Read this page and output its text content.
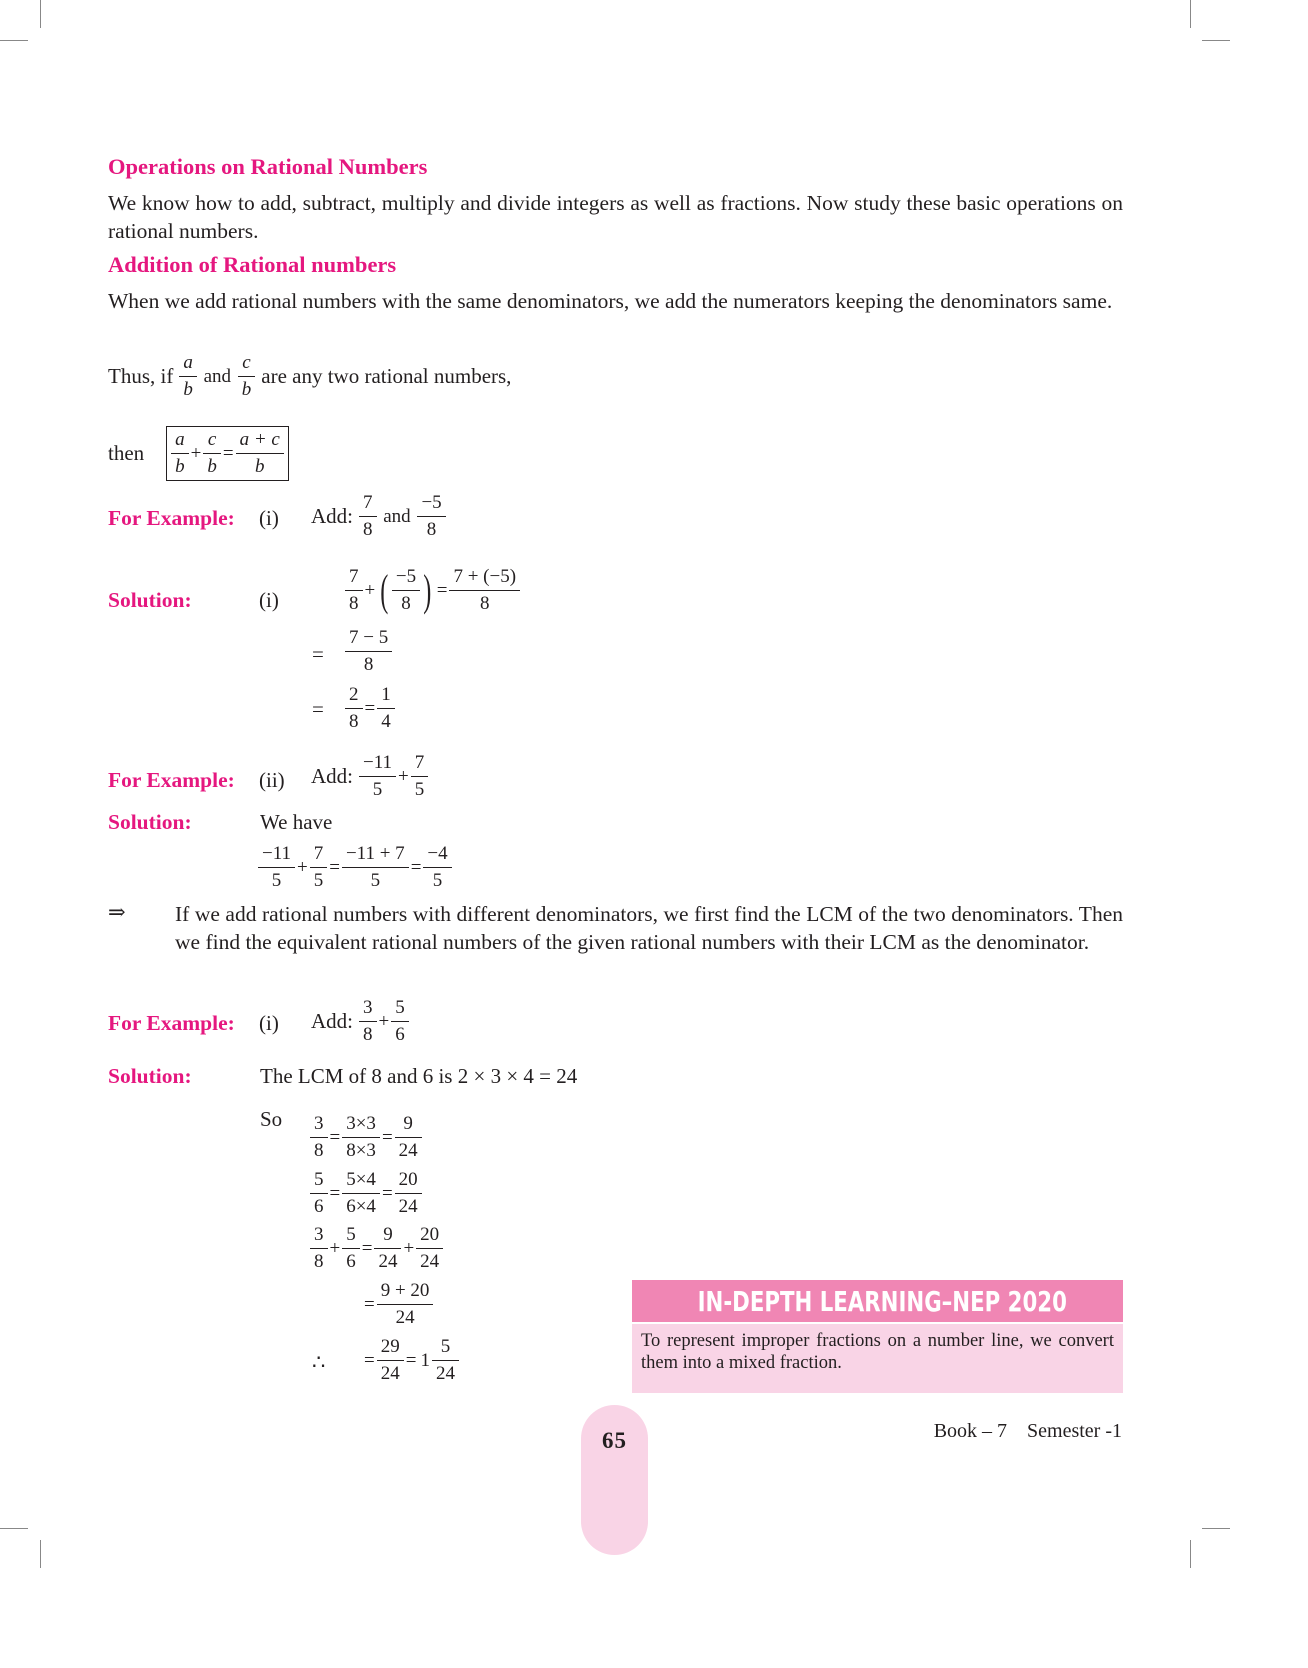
Operations on Rational Numbers
We know how to add, subtract, multiply and divide integers as well as fractions. Now study these basic operations on rational numbers.
Addition of Rational numbers
When we add rational numbers with the same denominators, we add the numerators keeping the denominators same.
Thus, if $\frac{a}{b}$ and $\frac{c}{b}$ are any two rational numbers,
then $\frac{a}{b} + \frac{c}{b} = \frac{a + c}{b}$
For Example: (i) Add: $\frac{7}{8}$ and $\frac{-5}{8}$
Solution:	(i)	$\frac{7}{8}$ + ( $\frac{-5}{8}$ ) = $\frac{7 + (-5)}{8}$
= $\frac{7 - 5}{8}$
= $\frac{2}{8} = \frac{1}{4}$
For Example: (ii) Add: $\frac{-11}{5} + \frac{7}{5}$
Solution:	We have
$\frac{-11}{5} + \frac{7}{5} = \frac{-11 + 7}{5} = \frac{-4}{5}$
⇒ If we add rational numbers with different denominators, we first find the LCM of the two denominators. Then we find the equivalent rational numbers of the given rational numbers with their LCM as the denominator.
For Example: (i) Add: $\frac{3}{8} + \frac{5}{6}$
Solution:	The LCM of 8 and 6 is 2 × 3 × 4 = 24
So $\frac{3}{8} = \frac{3\times 3}{8\times 3} = \frac{9}{24}$
$\frac{5}{6} = \frac{5\times 4}{6\times 4} = \frac{20}{24}$
$\frac{3}{8} + \frac{5}{6} = \frac{9}{24} + \frac{20}{24}$
= $\frac{9 + 20}{24}$
∴ = $\frac{29}{24} = 1 \frac{5}{24}$
IN-DEPTH LEARNING–NEP 2020
To represent improper fractions on a number line, we convert them into a mixed fraction.
65	Book – 7    Semester -1
